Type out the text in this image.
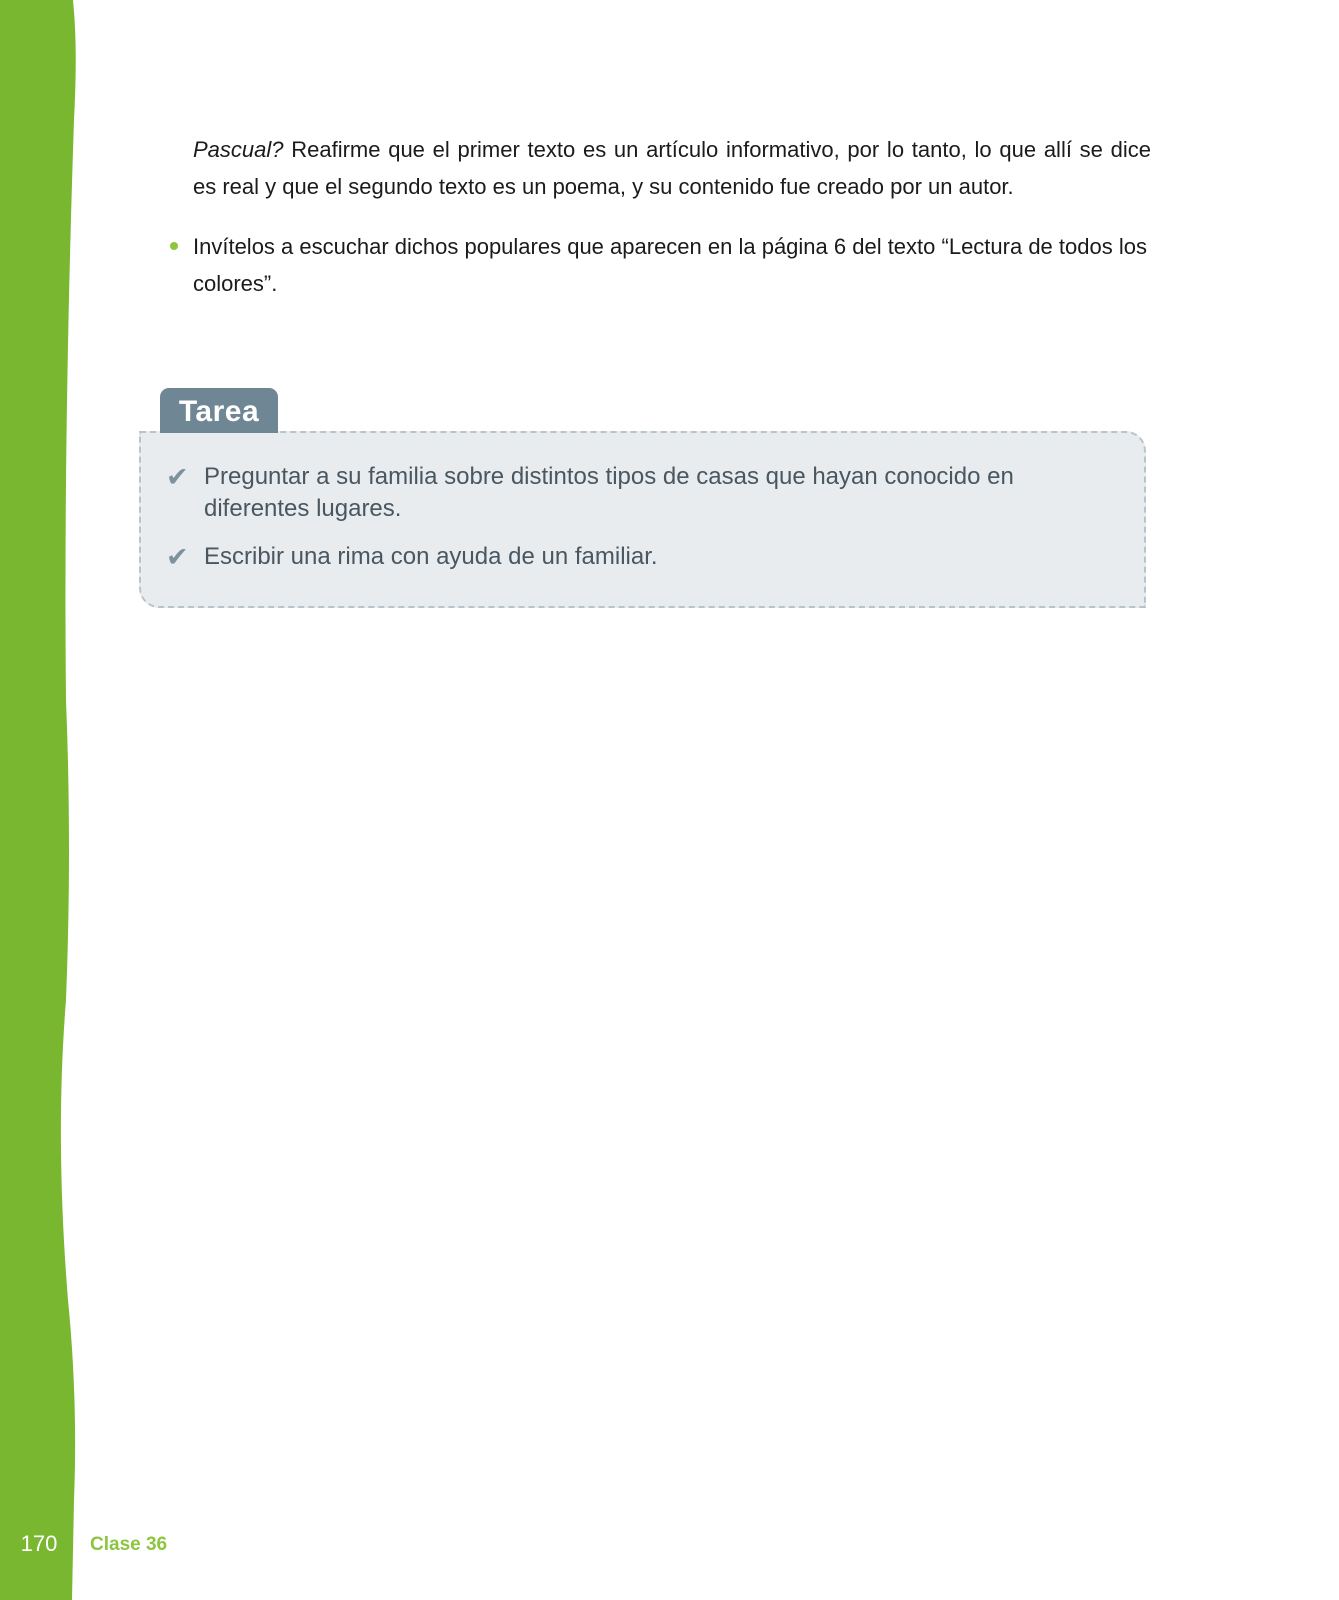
Pascual? Reafirme que el primer texto es un artículo informativo, por lo tanto, lo que allí se dice es real y que el segundo texto es un poema, y su contenido fue creado por un autor.

Invítelos a escuchar dichos populares que aparecen en la página 6 del texto “Lectura de todos los colores”.

Tarea
✔ Preguntar a su familia sobre distintos tipos de casas que hayan conocido en diferentes lugares.
✔ Escribir una rima con ayuda de un familiar.
170 Clase 36
